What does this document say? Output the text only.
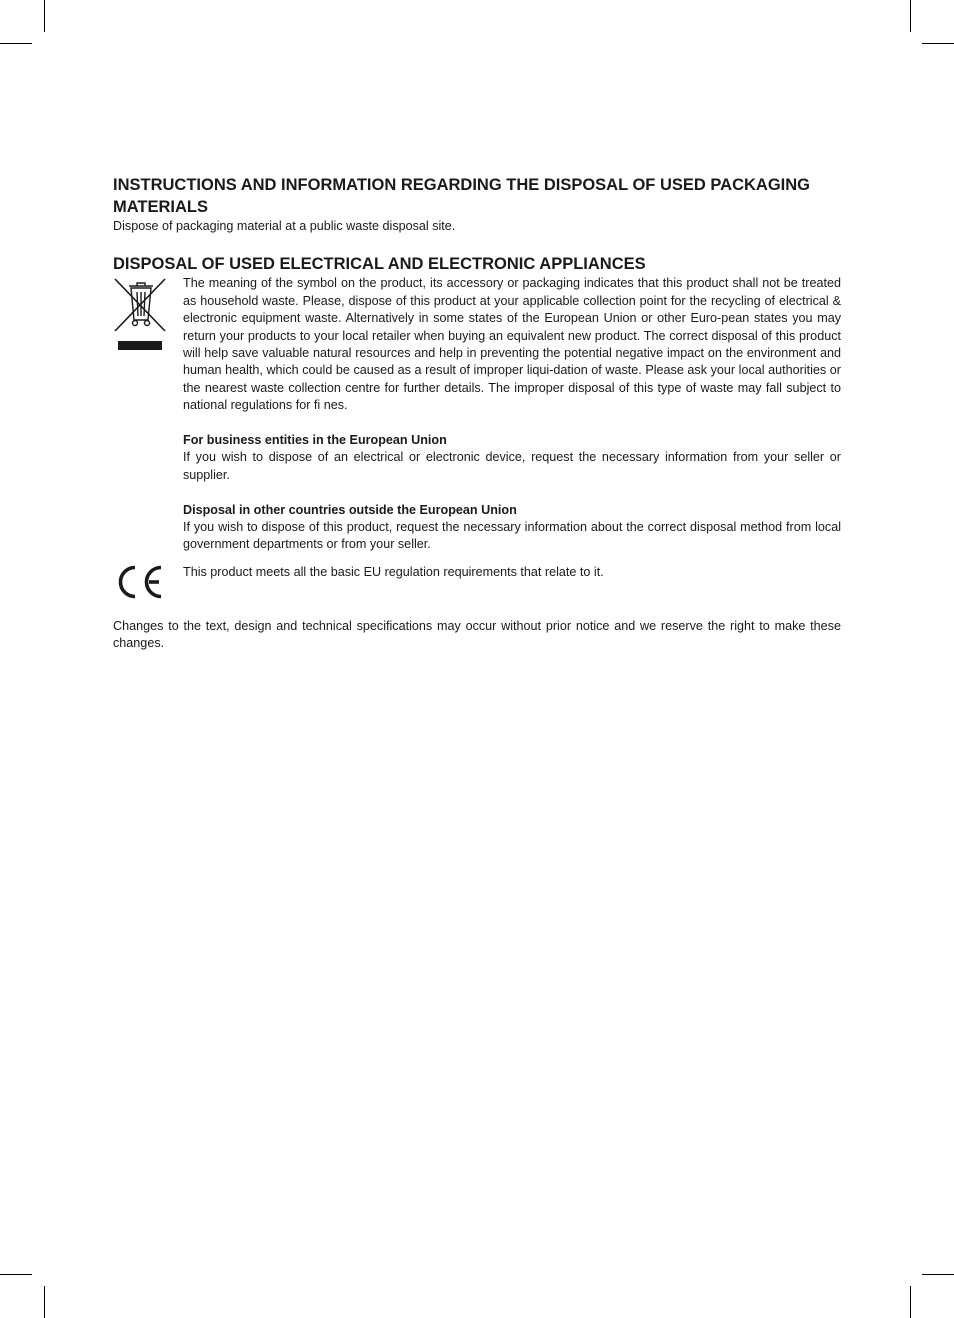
INSTRUCTIONS AND INFORMATION REGARDING THE DISPOSAL OF USED PACKAGING MATERIALS

Dispose of packaging material at a public waste disposal site.

DISPOSAL OF USED ELECTRICAL AND ELECTRONIC APPLIANCES

The meaning of the symbol on the product, its accessory or packaging indicates that this product shall not be treated as household waste. Please, dispose of this product at your applicable collection point for the recycling of electrical & electronic equipment waste. Alternatively in some states of the European Union or other Euro-pean states you may return your products to your local retailer when buying an equivalent new product. The correct disposal of this product will help save valuable natural resources and help in preventing the potential negative impact on the environment and human health, which could be caused as a result of improper liqui-dation of waste. Please ask your local authorities or the nearest waste collection centre for further details. The improper disposal of this type of waste may fall subject to national regulations for ﬁ nes.

For business entities in the European Union

If you wish to dispose of an electrical or electronic device, request the necessary information from your seller or supplier.

Disposal in other countries outside the European Union

If you wish to dispose of this product, request the necessary information about the correct disposal method from local government departments or from your seller.

This product meets all the basic EU regulation requirements that relate to it.

Changes to the text, design and technical speciﬁcations may occur without prior notice and we reserve the right to make these changes.
